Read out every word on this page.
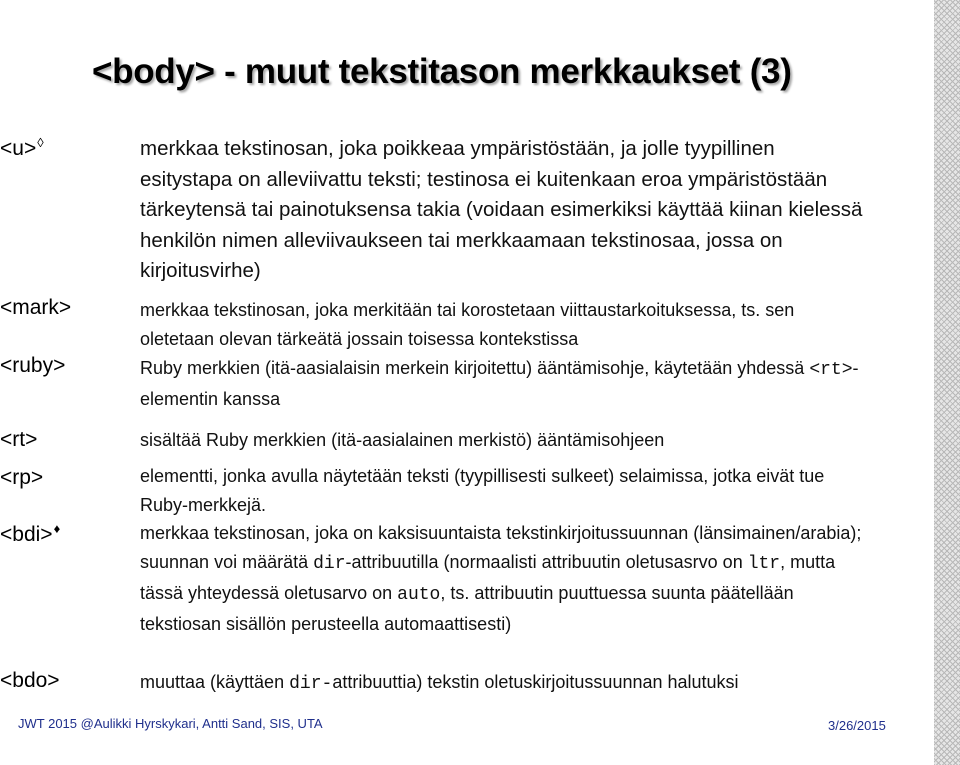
<body> - muut tekstitason merkkaukset (3)
<u>◊
<mark>
<ruby>
<rt>
<rp>
<bdi>♦
<bdo>
merkkaa tekstinosan, joka poikkeaa ympäristöstään, ja jolle tyypillinen esitystapa on alleviivattu teksti; testinosa ei kuitenkaan eroa ympäristöstään tärkeytensä tai painotuksensa takia (voidaan esimerkiksi käyttää kiinan kielessä henkilön nimen alleviivaukseen tai merkkaamaan tekstinosaa, jossa on kirjoitusvirhe)
merkkaa tekstinosan, joka merkitään tai korostetaan viittaustarkoituksessa, ts. sen oletetaan olevan tärkeätä jossain toisessa kontekstissa
Ruby merkkien (itä-aasialaisin merkein kirjoitettu) ääntämisohje, käytetään yhdessä <rt>-elementin kanssa
sisältää Ruby merkkien (itä-aasialainen merkistö) ääntämisohjeen
elementti, jonka avulla näytetään teksti (tyypillisesti sulkeet) selaimissa, jotka eivät tue Ruby-merkkejä.
merkkaa tekstinosan, joka on kaksisuuntaista tekstinkirjoitussuunnan (länsimainen/arabia); suunnan voi määrätä dir-attribuutilla (normaalisti attribuutin oletusasrvo on ltr, mutta tässä yhteydessä oletusarvo on auto, ts. attribuutin puuttuessa suunta päätellään tekstiosan sisällön perusteella automaattisesti)
muuttaa (käyttäen dir-attribuuttia) tekstin oletuskirjoitussuunnan halutuksi
JWT 2015 @Aulikki Hyrskykari, Antti Sand, SIS, UTA	3/26/2015
